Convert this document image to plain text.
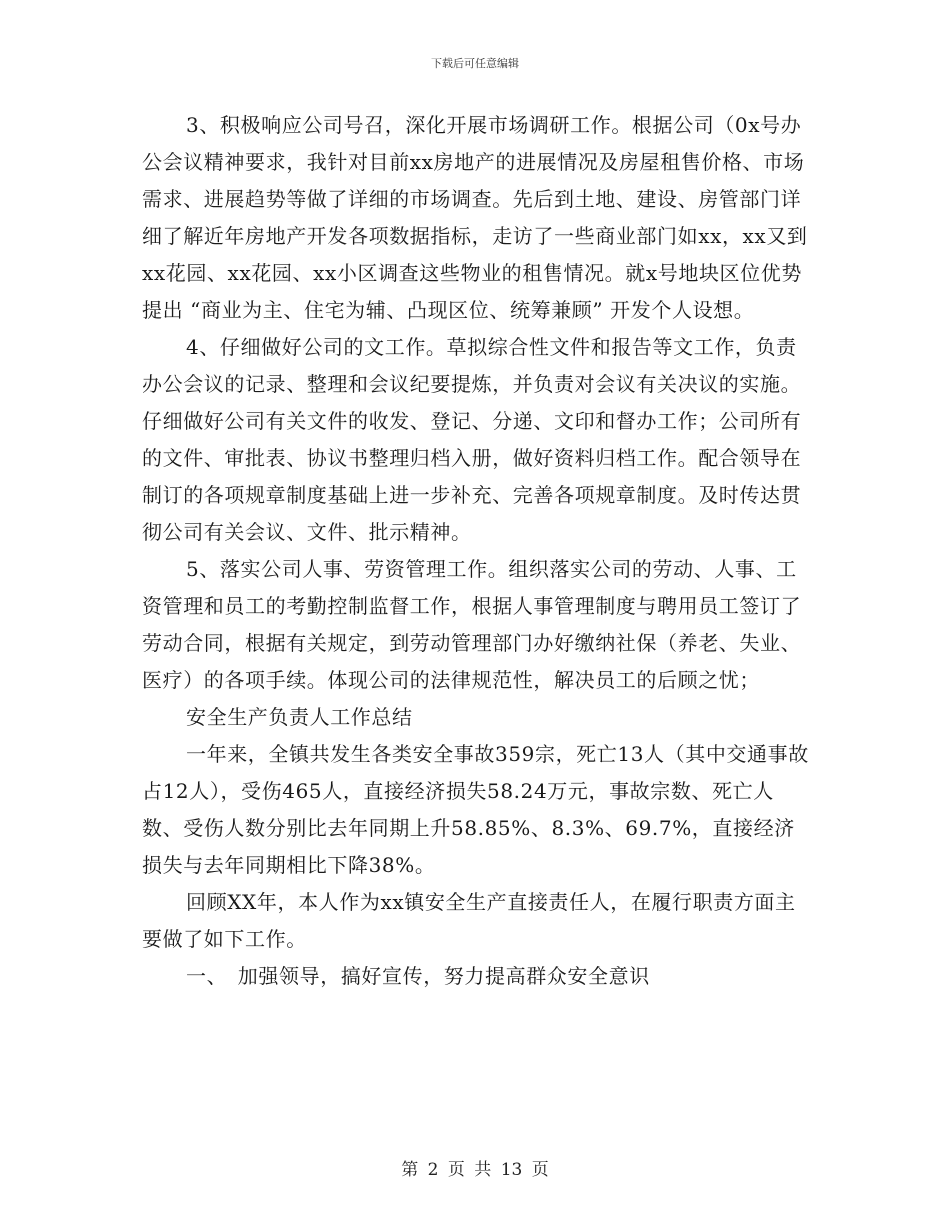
下载后可任意编辑

3、积极响应公司号召，深化开展市场调研工作。根据公司（0x号办公会议精神要求，我针对目前xx房地产的进展情况及房屋租售价格、市场需求、进展趋势等做了详细的市场调查。先后到土地、建设、房管部门详细了解近年房地产开发各项数据指标，走访了一些商业部门如xx，xx又到xx花园、xx花园、xx小区调查这些物业的租售情况。就x号地块区位优势提出 “商业为主、住宅为辅、凸现区位、统筹兼顾” 开发个人设想。

4、仔细做好公司的文工作。草拟综合性文件和报告等文工作，负责办公会议的记录、整理和会议纪要提炼，并负责对会议有关决议的实施。仔细做好公司有关文件的收发、登记、分递、文印和督办工作；公司所有的文件、审批表、协议书整理归档入册，做好资料归档工作。配合领导在制订的各项规章制度基础上进一步补充、完善各项规章制度。及时传达贯彻公司有关会议、文件、批示精神。

5、落实公司人事、劳资管理工作。组织落实公司的劳动、人事、工资管理和员工的考勤控制监督工作，根据人事管理制度与聘用员工签订了劳动合同，根据有关规定，到劳动管理部门办好缴纳社保（养老、失业、医疗）的各项手续。体现公司的法律规范性，解决员工的后顾之忧；

安全生产负责人工作总结

一年来，全镇共发生各类安全事故359宗，死亡13人（其中交通事故占12人），受伤465人，直接经济损失58.24万元，事故宗数、死亡人数、受伤人数分别比去年同期上升58.85%、8.3%、69.7%，直接经济损失与去年同期相比下降38%。

回顾XX年，本人作为xx镇安全生产直接责任人，在履行职责方面主要做了如下工作。

一、　加强领导，搞好宣传，努力提高群众安全意识

第 2 页 共 13 页
